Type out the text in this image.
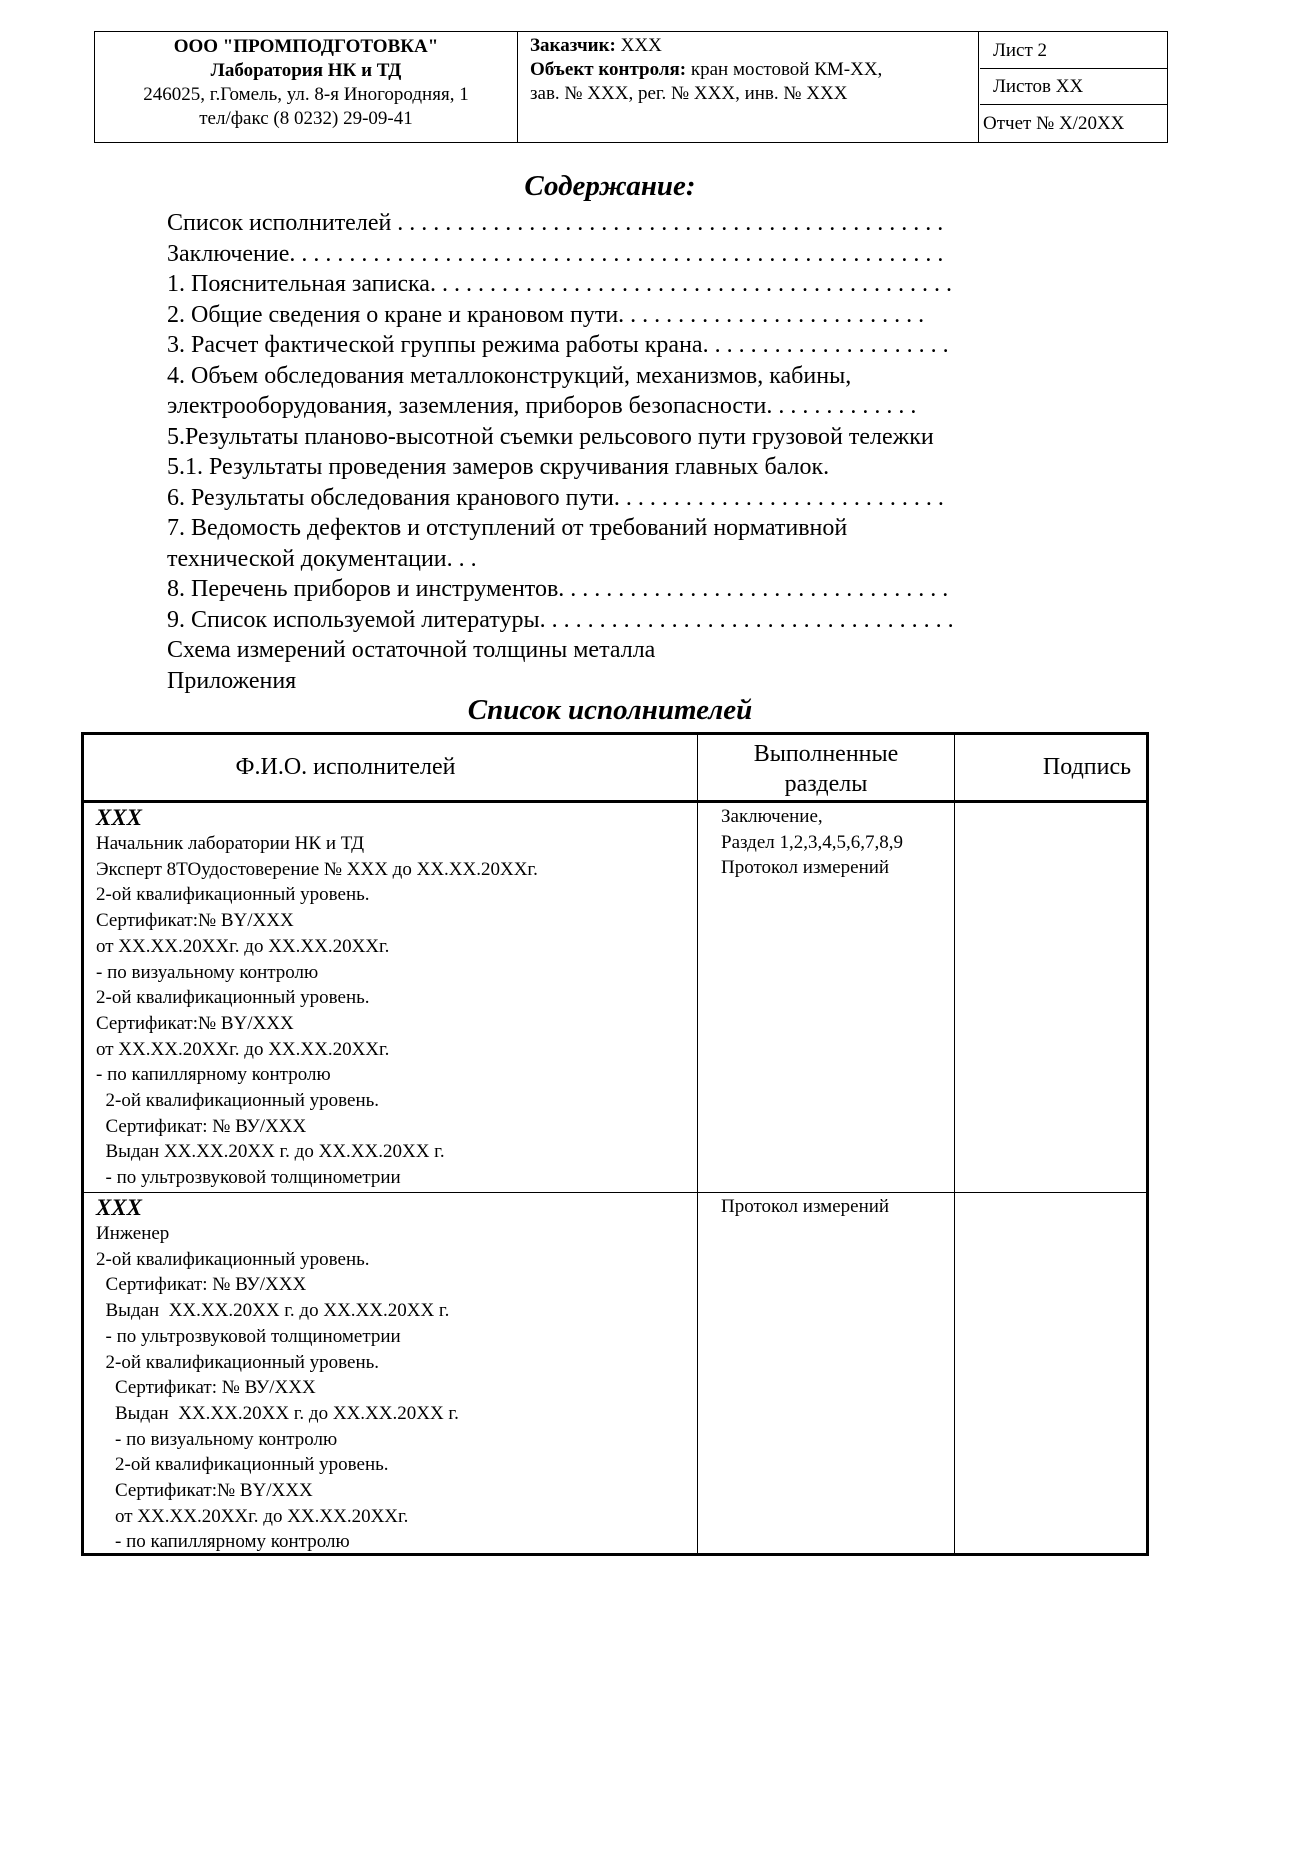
ООО "ПРОМПОДГОТОВКА"
Лаборатория НК и ТД
246025, г.Гомель, ул. 8-я Иногородняя, 1
тел/факс (8 0232) 29-09-41
Заказчик: ХХХ
Объект контроля: кран мостовой КМ-ХХ,
зав. № ХХХ, рег. № ХХХ, инв. № ХХХ
Лист 2
Листов ХХ
Отчет № Х/20ХХ
Содержание:
Список исполнителей . . . . . . . . . . . . . . . . . . . . . . . . . . . . . . . . . . . . . . . . . . . . . .
Заключение. . . . . . . . . . . . . . . . . . . . . . . . . . . . . . . . . . . . . . . . . . . . . . . . . . . . . . .
1. Пояснительная записка. . . . . . . . . . . . . . . . . . . . . . . . . . . . . . . . . . . . . . . . . . . .
2. Общие сведения о кране и крановом пути. . . . . . . . . . . . . . . . . . . . . . . . . .
3. Расчет фактической группы режима работы крана. . . . . . . . . . . . . . . . . . . . .
4. Объем обследования металлоконструкций, механизмов, кабины,
электрооборудования, заземления, приборов безопасности. . . . . . . . . . . . .
5.Результаты планово-высотной съемки рельсового пути грузовой тележки
5.1. Результаты проведения замеров скручивания главных балок.
6. Результаты обследования кранового пути. . . . . . . . . . . . . . . . . . . . . . . . . . . .
7. Ведомость дефектов и отступлений от требований нормативной
технической документации. . .
8. Перечень приборов и инструментов. . . . . . . . . . . . . . . . . . . . . . . . . . . . . . . . .
9. Список используемой литературы. . . . . . . . . . . . . . . . . . . . . . . . . . . . . . . . . . .
Схема измерений остаточной толщины металла
Приложения
Список исполнителей
Ф.И.О. исполнителей	Выполненные
разделы
Подпись
ХХХ
Начальник лаборатории НК и ТД
Эксперт 8ТОудостоверение № ХХХ до ХХ.ХХ.20ХХг.
2-ой квалификационный уровень.
Сертификат:№ BY/ХХХ
от ХХ.ХХ.20ХХг. до ХХ.ХХ.20ХХг.
- по визуальному контролю
2-ой квалификационный уровень.
Сертификат:№ BY/ХХХ
от ХХ.ХХ.20ХХг. до ХХ.ХХ.20ХХг.
- по капиллярному контролю
2-ой квалификационный уровень.
Сертификат: № ВУ/ХХХ
Выдан ХХ.ХХ.20ХХ г. до ХХ.ХХ.20ХХ г.
- по ультрозвуковой толщинометрии
Заключение,
Раздел 1,2,3,4,5,6,7,8,9
Протокол измерений
ХХХ
Инженер
2-ой квалификационный уровень.
Сертификат: № ВУ/ХХХ
Выдан  ХХ.ХХ.20ХХ г. до ХХ.ХХ.20ХХ г.
- по ультрозвуковой толщинометрии
2-ой квалификационный уровень.
Сертификат: № ВУ/ХХХ
Выдан  ХХ.ХХ.20ХХ г. до ХХ.ХХ.20ХХ г.
- по визуальному контролю
2-ой квалификационный уровень.
Сертификат:№ BY/ХХХ
от ХХ.ХХ.20ХХг. до ХХ.ХХ.20ХХг.
- по капиллярному контролю
Протокол измерений
